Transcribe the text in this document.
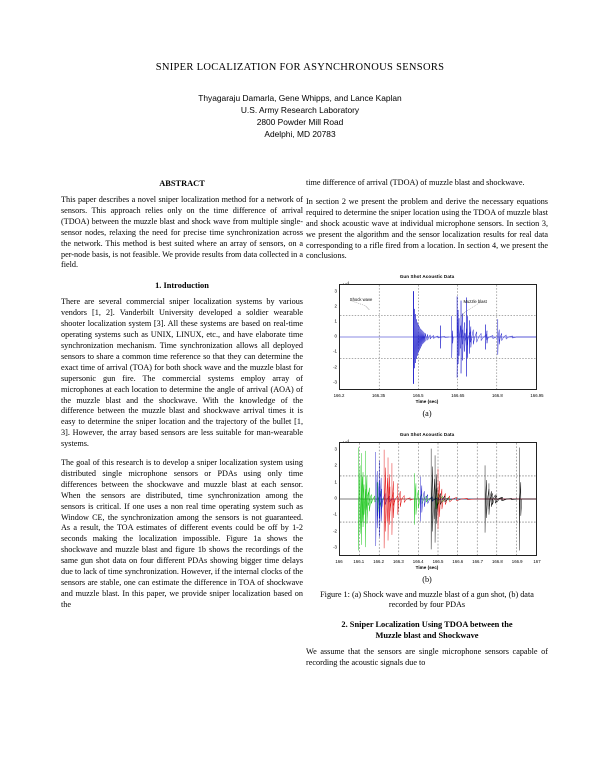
SNIPER LOCALIZATION FOR ASYNCHRONOUS SENSORS
Thyagaraju Damarla, Gene Whipps, and Lance Kaplan
U.S. Army Research Laboratory
2800 Powder Mill Road
Adelphi, MD 20783
ABSTRACT

This paper describes a novel sniper localization method for a network of sensors. This approach relies only on the time difference of arrival (TDOA) between the muzzle blast and shock wave from multiple single-sensor nodes, relaxing the need for precise time synchronization across the network. This method is best suited where an array of sensors, on a per-node basis, is not feasible. We provide results from data collected in a field.

1. Introduction

There are several commercial sniper localization systems by various vendors [1, 2]. Vanderbilt University developed a soldier wearable shooter localization system [3]. All these systems are based on real-time operating systems such as UNIX, LINUX, etc., and have elaborate time synchronization mechanism. Time synchronization allows all deployed sensors to share a common time reference so that they can determine the exact time of arrival (TOA) for both shock wave and the muzzle blast for supersonic gun fire. The commercial systems employ array of microphones at each location to determine the angle of arrival (AOA) of the muzzle blast and the shockwave. With the knowledge of the difference between the muzzle blast and shockwave arrival times it is easy to determine the sniper location and the trajectory of the bullet [1, 3]. However, the array based sensors are less suitable for man-wearable systems.

The goal of this research is to develop a sniper localization system using distributed single microphone sensors or PDAs using only time differences between the shockwave and muzzle blast at each sensor. When the sensors are distributed, time synchronization among the sensors is critical. If one uses a non real time operating system such as Window CE, the synchronization among the sensors is not guaranteed. As a result, the TOA estimates of different events could be off by 1-2 seconds making the localization impossible. Figure 1a shows the shockwave and muzzle blast and figure 1b shows the recordings of the same gun shot data on four different PDAs showing bigger time delays due to lack of time synchronization. However, if the internal clocks of the sensors are stable, one can estimate the difference in TOA of shockwave and muzzle blast. In this paper, we provide sniper localization based on the

time difference of arrival (TDOA) of muzzle blast and shockwave.

In section 2 we present the problem and derive the necessary equations required to determine the sniper location using the TDOA of muzzle blast and shock acoustic wave at individual microphone sensors. In section 3, we present the algorithm and the sensor localization results for real data corresponding to a rifle fired from a location. In section 4, we present the conclusions.

Gun Shot Acoustic Data
$^4$
3
2
1
0
-1
-2
-3
Shock wave	Muzzle blast
166.2	166.35	166.5	166.65	166.8	166.95
Time (sec)
(a)
Gun Shot Acoustic Data
$^4$
3
2
1
0
-1
-2
-3
166	166.1 166.2 166.3 166.4 166.5 166.6 166.7 166.8 166.9	167
Time (sec)
(b)
Figure 1: (a) Shock wave and muzzle blast of a gun shot, (b) data recorded by four PDAs
2. Sniper Localization Using TDOA between the
Muzzle blast and Shockwave

We assume that the sensors are single microphone sensors capable of recording the acoustic signals due to
